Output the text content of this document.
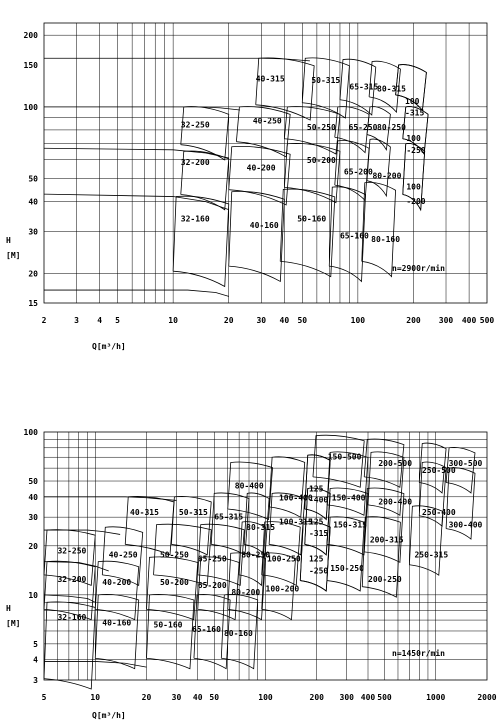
2	3 4 5	10	20	30 40 50	100	200 300 400 500
15
20
30
40
50
100
150
200
H
[M]
Q[m³/h]
n=2900r/min
40-315	50-315
65-315
80-315
100
-315
32-250	40-250
50-250 65-250 80-250
100
-250
32-200
40-200
50-200
65-200 80-200
100
-200
32-160
40-160
50-160
65-160 80-160
5	10	20	30 40 50	100	200 300 400 500	1000	2000
3
4
5
10
20
30
40
50
100
H
[M]
Q[m³/h]
n=1450r/min
150-500
200-500	300-500
250-500
80-400
100-400
125
-400 150-400 200-400
250-400
300-400
40-315 50-315
65-315
80-315
100-315
125
-315
150-315
200-315
250-315
32-250	40-250	50-250 65-250 80-250
100-250 125
-250 150-250
200-250
32-200 40-200	50-200 65-200
80-200 100-200
32-160
40-160	50-160
65-160 80-160
